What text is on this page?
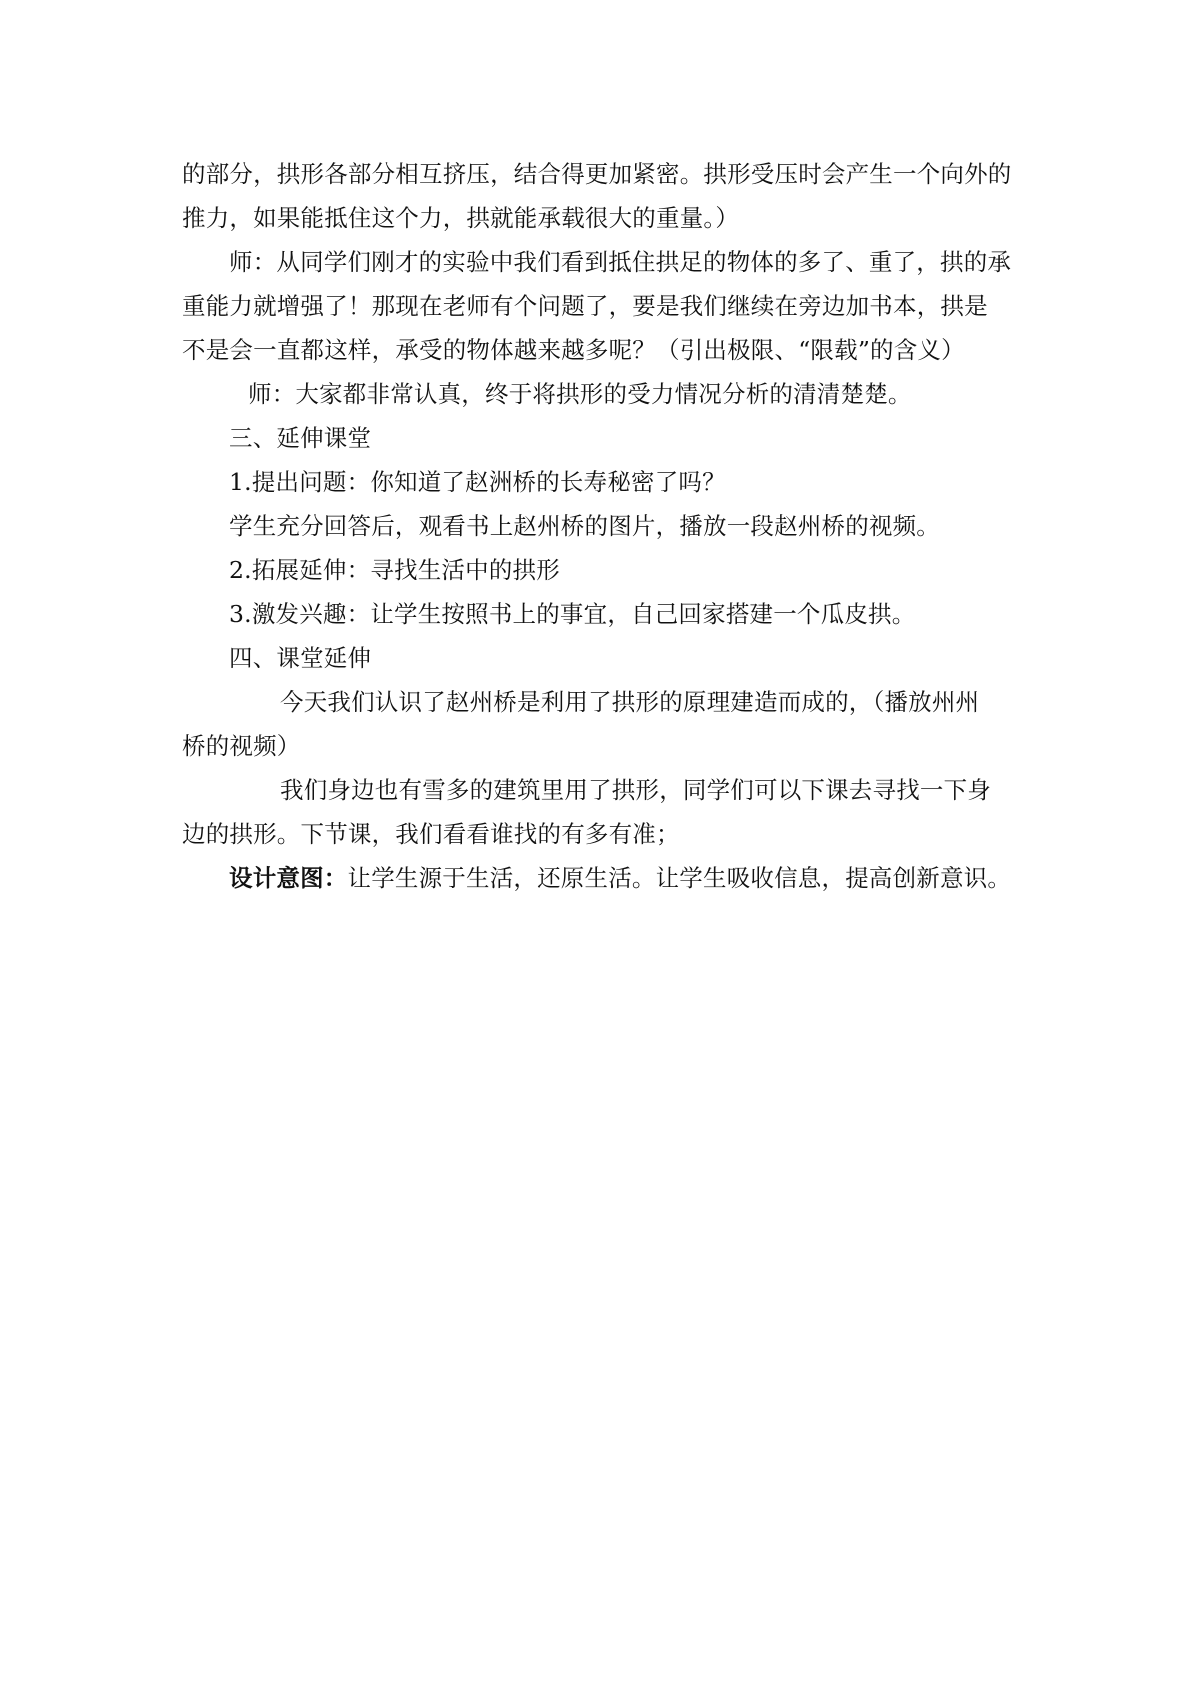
的部分，拱形各部分相互挤压，结合得更加紧密。拱形受压时会产生一个向外的
推力，如果能抵住这个力，拱就能承载很大的重量。）
师：从同学们刚才的实验中我们看到抵住拱足的物体的多了、重了，拱的承
重能力就增强了！那现在老师有个问题了，要是我们继续在旁边加书本，拱是
不是会一直都这样，承受的物体越来越多呢？（引出极限、“限载”的含义）
师：大家都非常认真，终于将拱形的受力情况分析的清清楚楚。
三、延伸课堂
1.提出问题：你知道了赵洲桥的长寿秘密了吗？
学生充分回答后，观看书上赵州桥的图片，播放一段赵州桥的视频。
2.拓展延伸：寻找生活中的拱形
3.激发兴趣：让学生按照书上的事宜，自己回家搭建一个瓜皮拱。
四、课堂延伸
今天我们认识了赵州桥是利用了拱形的原理建造而成的，（播放州州
桥的视频）
我们身边也有雪多的建筑里用了拱形，同学们可以下课去寻找一下身
边的拱形。下节课，我们看看谁找的有多有准；
设计意图：让学生源于生活，还原生活。让学生吸收信息，提高创新意识。
